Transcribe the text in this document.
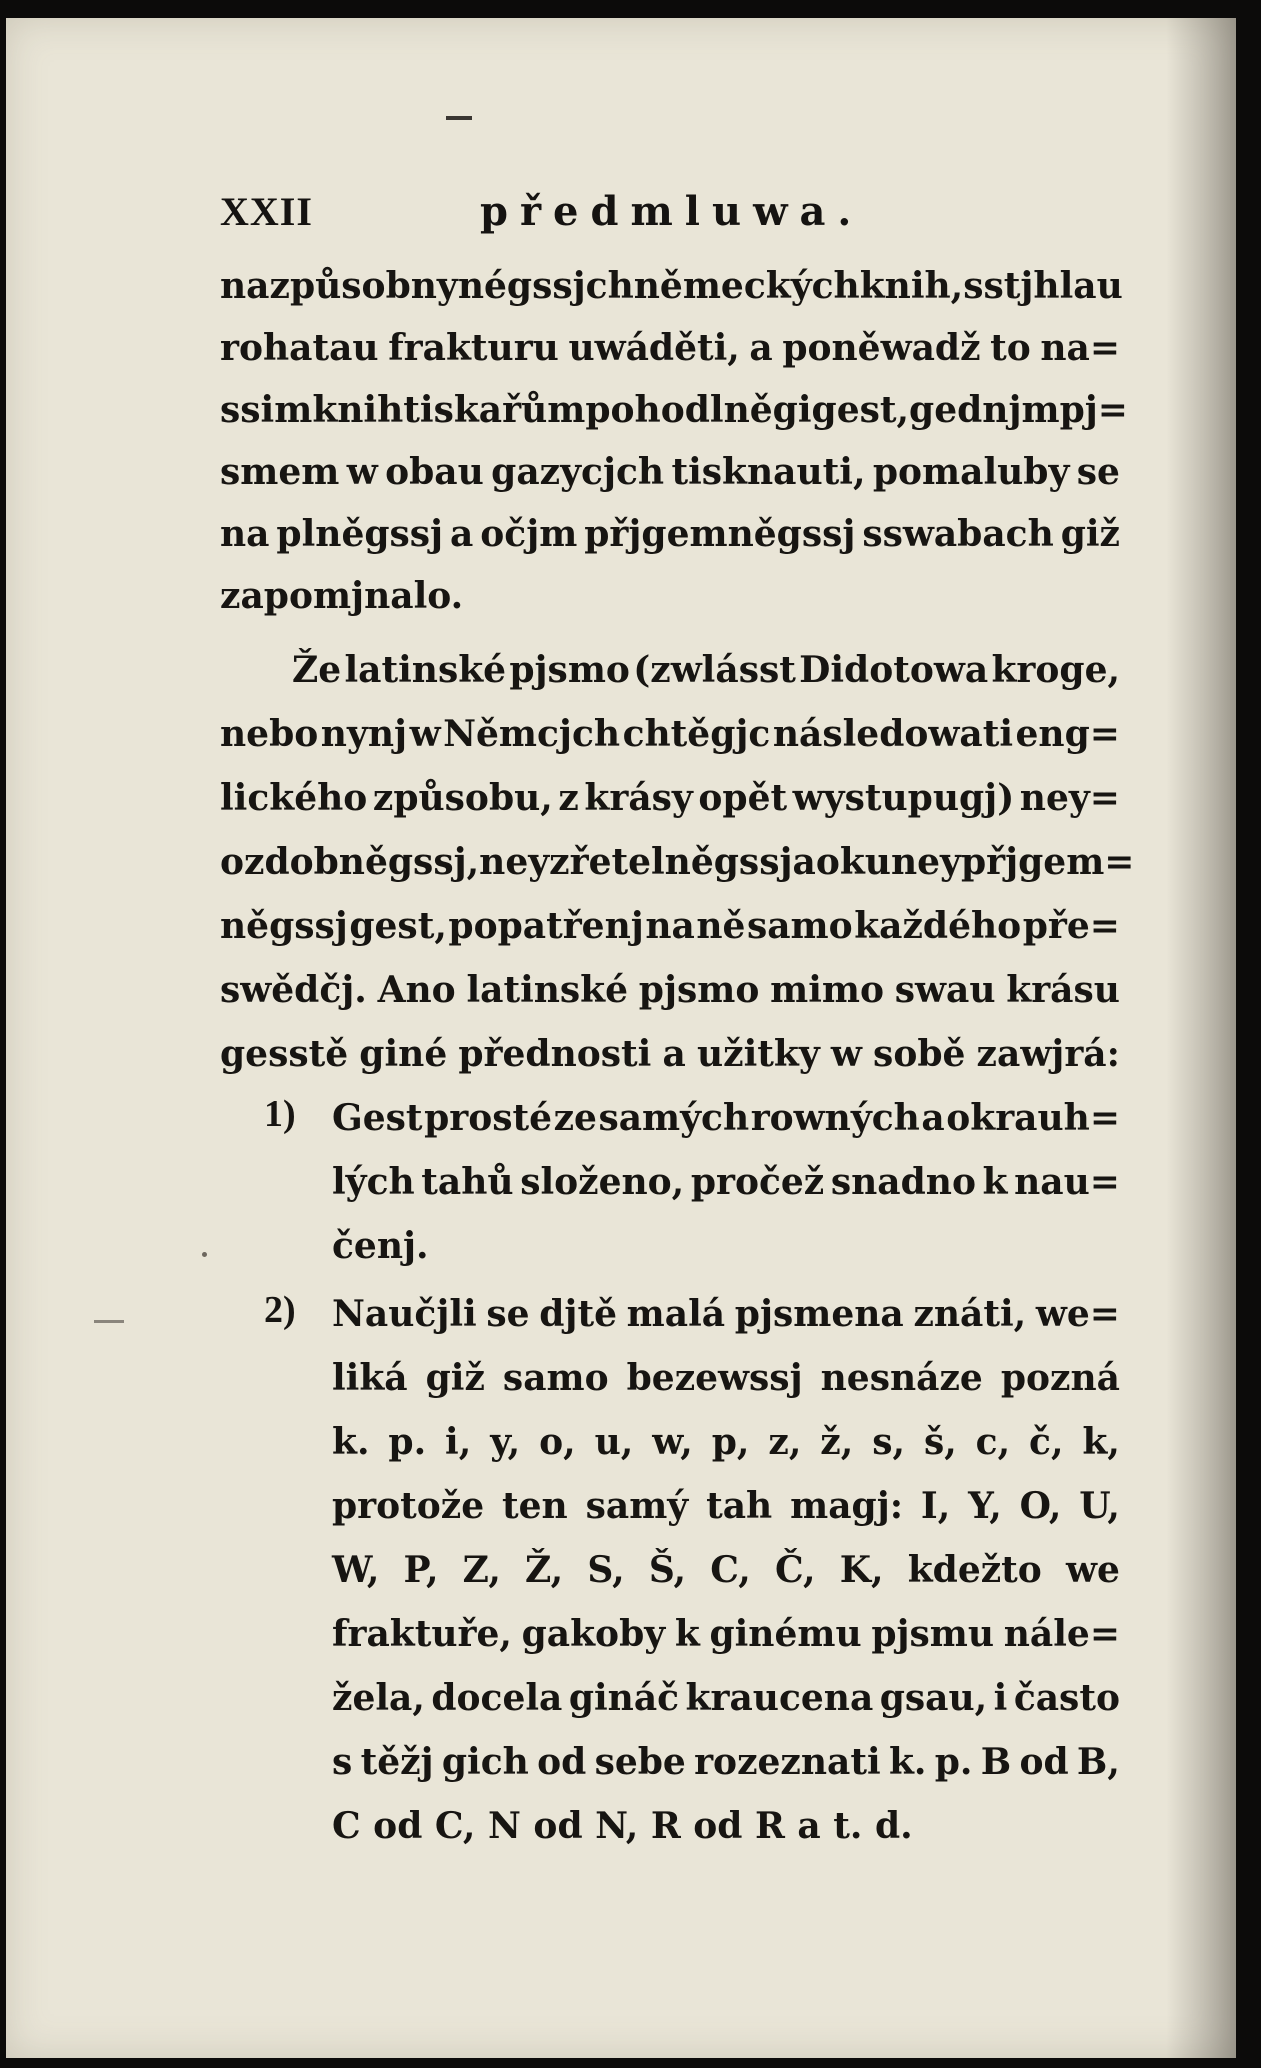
XXII	předmluwa.
na způsob nynégssjch německých knih, sstjhlau
rohatau frakturu uwáděti, a poněwadž to na=
ssim knihtiskařům pohodlněgi gest, gednjm pj=
smem w obau gazycjch tisknauti, pomaluby se
na plněgssj a očjm přjgemněgssj sswabach giž
zapomjnalo.
Že latinské pjsmo (zwlásst Didotowa kroge,
nebo nynj w Němcjch chtěgjc následowati eng=
lického způsobu, z krásy opět wystupugj) ney=
ozdobněgssj, neyzřetelněgssj a oku neypřjgem=
něgssj gest, popatřenj na ně samo každého pře=
swědčj. Ano latinské pjsmo mimo swau krásu
gesstě giné přednosti a užitky w sobě zawjrá:
1) Gest prosté ze samých rowných a okrauh=
lých tahů složeno, pročež snadno k nau=
čenj.
2) Naučjli se djtě malá pjsmena znáti, we=
liká giž samo bezewssj nesnáze pozná
k. p. i, y, o, u, w, p, z, ž, s, š, c, č, k,
protože ten samý tah magj: I, Y, O, U,
W, P, Z, Ž, S, Š, C, Č, K, kdežto we
fraktuře, gakoby k ginému pjsmu nále=
žela, docela gináč kraucena gsau, i často
s těžj gich od sebe rozeznati k. p. B od B,
C od C, N od N, R od R a t. d.
